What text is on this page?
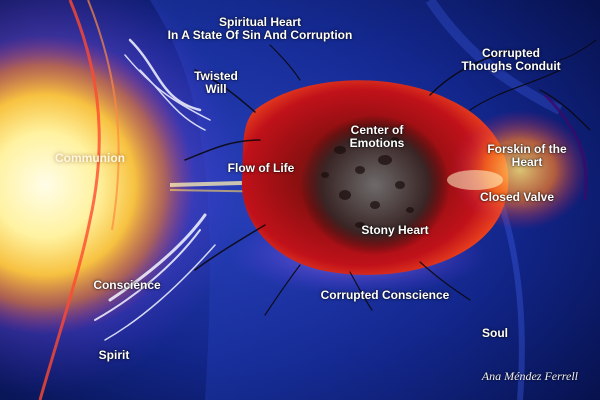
Spiritual Heart
In A State Of Sin And Corruption
Twisted
Will
Communion
Flow of Life
Center of
Emotions
Corrupted
Thoughs Conduit
Forskin of the
Heart
Closed Valve
Stony Heart
Conscience
Corrupted Conscience
Soul
Spirit
Ana Méndez Ferrell
